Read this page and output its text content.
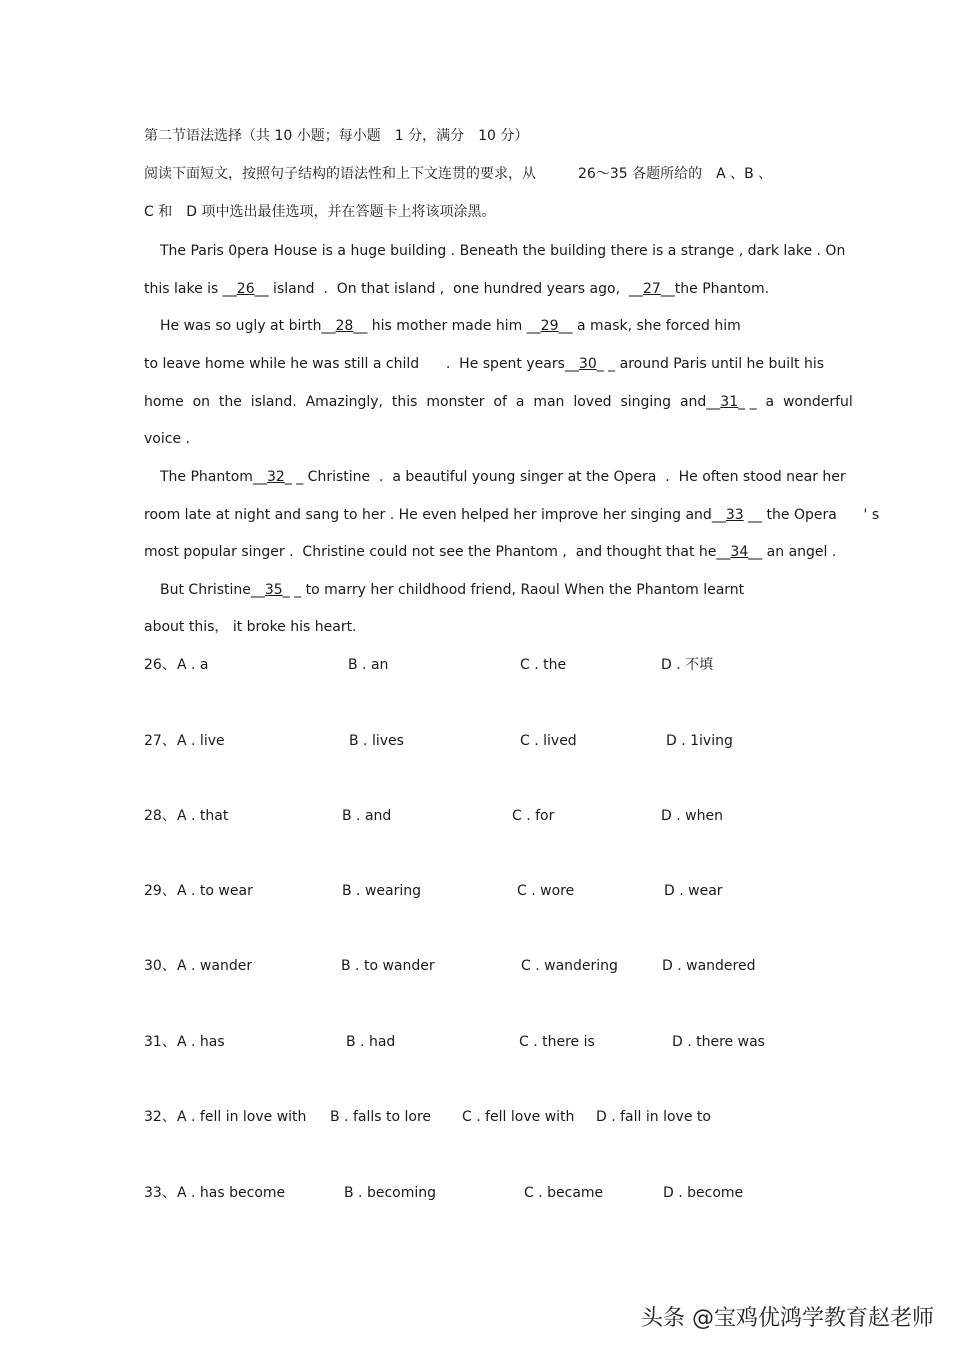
第二节语法选择（共 10 小题；每小题　1 分，满分　10 分）
阅读下面短文，按照句子结构的语法性和上下文连贯的要求，从　　　26～35 各题所给的　A 、B 、
C 和　D 项中选出最佳选项，并在答题卡上将该项涂黑。
The Paris 0pera House is a huge building . Beneath the building there is a strange , dark lake . On
this lake is __26__ island  .  On that island ,  one hundred years ago,  __27__the Phantom.
He was so ugly at birth__28__ his mother made him __29__ a mask, she forced him
to leave home while he was still a child      .  He spent years__30_ _ around Paris until he built his
home  on  the  island.  Amazingly,  this  monster  of  a  man  loved  singing  and__31_ _  a  wonderful
voice .
The Phantom__32_ _ Christine  .  a beautiful young singer at the Opera  .  He often stood near her
room late at night and sang to her . He even helped her improve her singing and__33 __ the Opera      ' s
most popular singer .  Christine could not see the Phantom ,  and thought that he__34__ an angel .
But Christine__35_ _ to marry her childhood friend, Raoul When the Phantom learnt
about this， it broke his heart.
26、 A . a	B . an	C . the	D . 不填
27、 A . live	B . lives	C . lived	D . 1iving
28、 A . that	B . and	C . for	D . when
29、 A . to wear	B . wearing	C . wore	D . wear
30、 A . wander	B . to wander	C . wandering	D . wandered
31、 A . has	B . had	C . there is	D . there was
32、 A . fell in love with B . falls to lore C . fell love with D . fall in love to
33、 A . has become	B . becoming	C . became	D . become
头条 @宝鸡优鸿学教育赵老师
